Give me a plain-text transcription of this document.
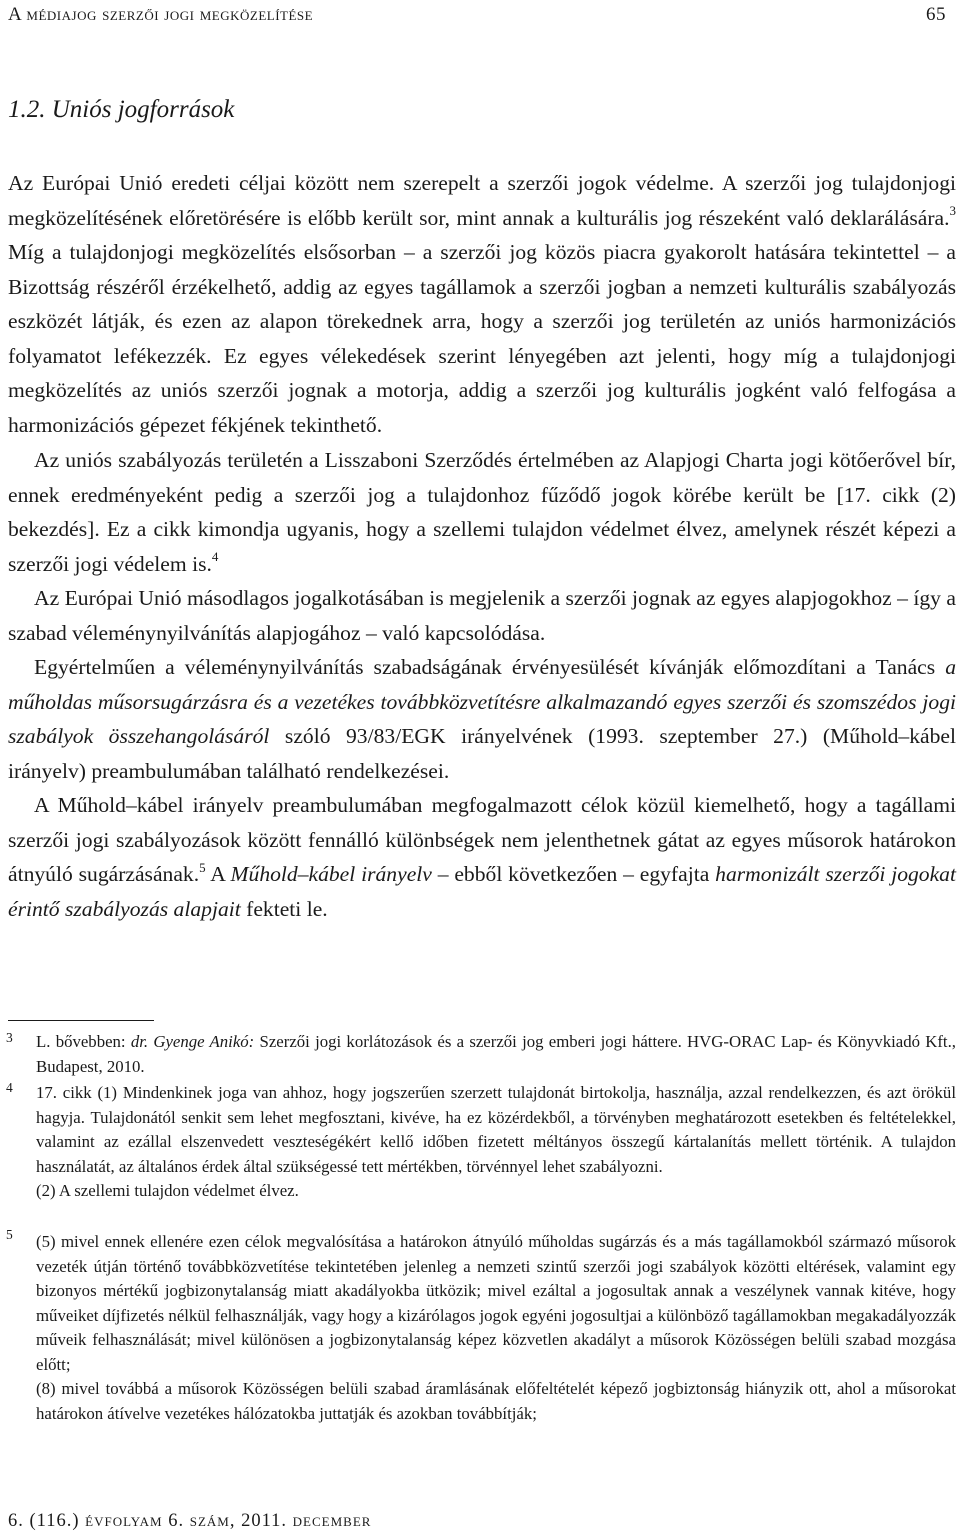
A médiajog szerzői jogi megközelítése	65
1.2. Uniós jogforrások

Az Európai Unió eredeti céljai között nem szerepelt a szerzői jogok védelme. A szerzői jog tulajdonjogi megközelítésének előretörésére is előbb került sor, mint annak a kulturális jog részeként való deklarálására.$^3$ Míg a tulajdonjogi megközelítés elsősorban – a szerzői jog közös piacra gyakorolt hatására tekintettel – a Bizottság részéről érzékelhető, addig az egyes tagállamok a szerzői jogban a nemzeti kulturális szabályozás eszközét látják, és ezen az alapon törekednek arra, hogy a szerzői jog területén az uniós harmonizációs folyamatot lefékezzék. Ez egyes vélekedések szerint lényegében azt jelenti, hogy míg a tulajdonjogi megközelítés az uniós szerzői jognak a motorja, addig a szerzői jog kulturális jogként való felfogása a harmonizációs gépezet fékjének tekinthető.

Az uniós szabályozás területén a Lisszaboni Szerződés értelmében az Alapjogi Charta jogi kötőerővel bír, ennek eredményeként pedig a szerzői jog a tulajdonhoz fűződő jogok körébe került be [17. cikk (2) bekezdés]. Ez a cikk kimondja ugyanis, hogy a szellemi tulajdon védelmet élvez, amelynek részét képezi a szerzői jogi védelem is.$^4$

Az Európai Unió másodlagos jogalkotásában is megjelenik a szerzői jognak az egyes alapjogokhoz – így a szabad véleménynyilvánítás alapjogához – való kapcsolódása.

Egyértelműen a véleménynyilvánítás szabadságának érvényesülését kívánják előmozdítani a Tanács a műholdas műsorsugárzásra és a vezetékes továbbközvetítésre alkalmazandó egyes szerzői és szomszédos jogi szabályok összehangolásáról szóló 93/83/EGK irányelvének (1993. szeptember 27.) (Műhold–kábel irányelv) preambulumában található rendelkezései.

A Műhold–kábel irányelv preambulumában megfogalmazott célok közül kiemelhető, hogy a tagállami szerzői jogi szabályozások között fennálló különbségek nem jelenthetnek gátat az egyes műsorok határokon átnyúló sugárzásának.$^5$ A Műhold–kábel irányelv – ebből következően – egyfajta harmonizált szerzői jogokat érintő szabályozás alapjait fekteti le.

3 L. bővebben: dr. Gyenge Anikó: Szerzői jogi korlátozások és a szerzői jog emberi jogi háttere. HVG-ORAC Lap- és Könyvkiadó Kft., Budapest, 2010.

4 17. cikk (1) Mindenkinek joga van ahhoz, hogy jogszerűen szerzett tulajdonát birtokolja, használja, azzal rendelkezzen, és azt örökül hagyja. Tulajdonától senkit sem lehet megfosztani, kivéve, ha ez közérdekből, a törvényben meghatározott esetekben és feltételekkel, valamint az ezállal elszenvedett veszteségékért kellő időben fizetett méltányos összegű kártalanítás mellett történik. A tulajdon használatát, az általános érdek által szükségessé tett mértékben, törvénnyel lehet szabályozni.

(2) A szellemi tulajdon védelmet élvez.

5 (5) mivel ennek ellenére ezen célok megvalósítása a határokon átnyúló műholdas sugárzás és a más tagállamokból származó műsorok vezeték útján történő továbbközvetítése tekintetében jelenleg a nemzeti szintű szerzői jogi szabályok közötti eltérések, valamint egy bizonyos mértékű jogbizonytalanság miatt akadályokba ütközik; mivel ezáltal a jogosultak annak a veszélynek vannak kitéve, hogy műveiket díjfizetés nélkül felhasználják, vagy hogy a kizárólagos jogok egyéni jogosultjai a különböző tagállamokban megakadályozzák műveik felhasználását; mivel különösen a jogbizonytalanság képez közvetlen akadályt a műsorok Közösségen belüli szabad mozgása előtt;

(8) mivel továbbá a műsorok Közösségen belüli szabad áramlásának előfeltételét képező jogbiztonság hiányzik ott, ahol a műsorokat határokon átívelve vezetékes hálózatokba juttatják és azokban továbbítják;

6. (116.) évfolyam 6. szám, 2011. december
